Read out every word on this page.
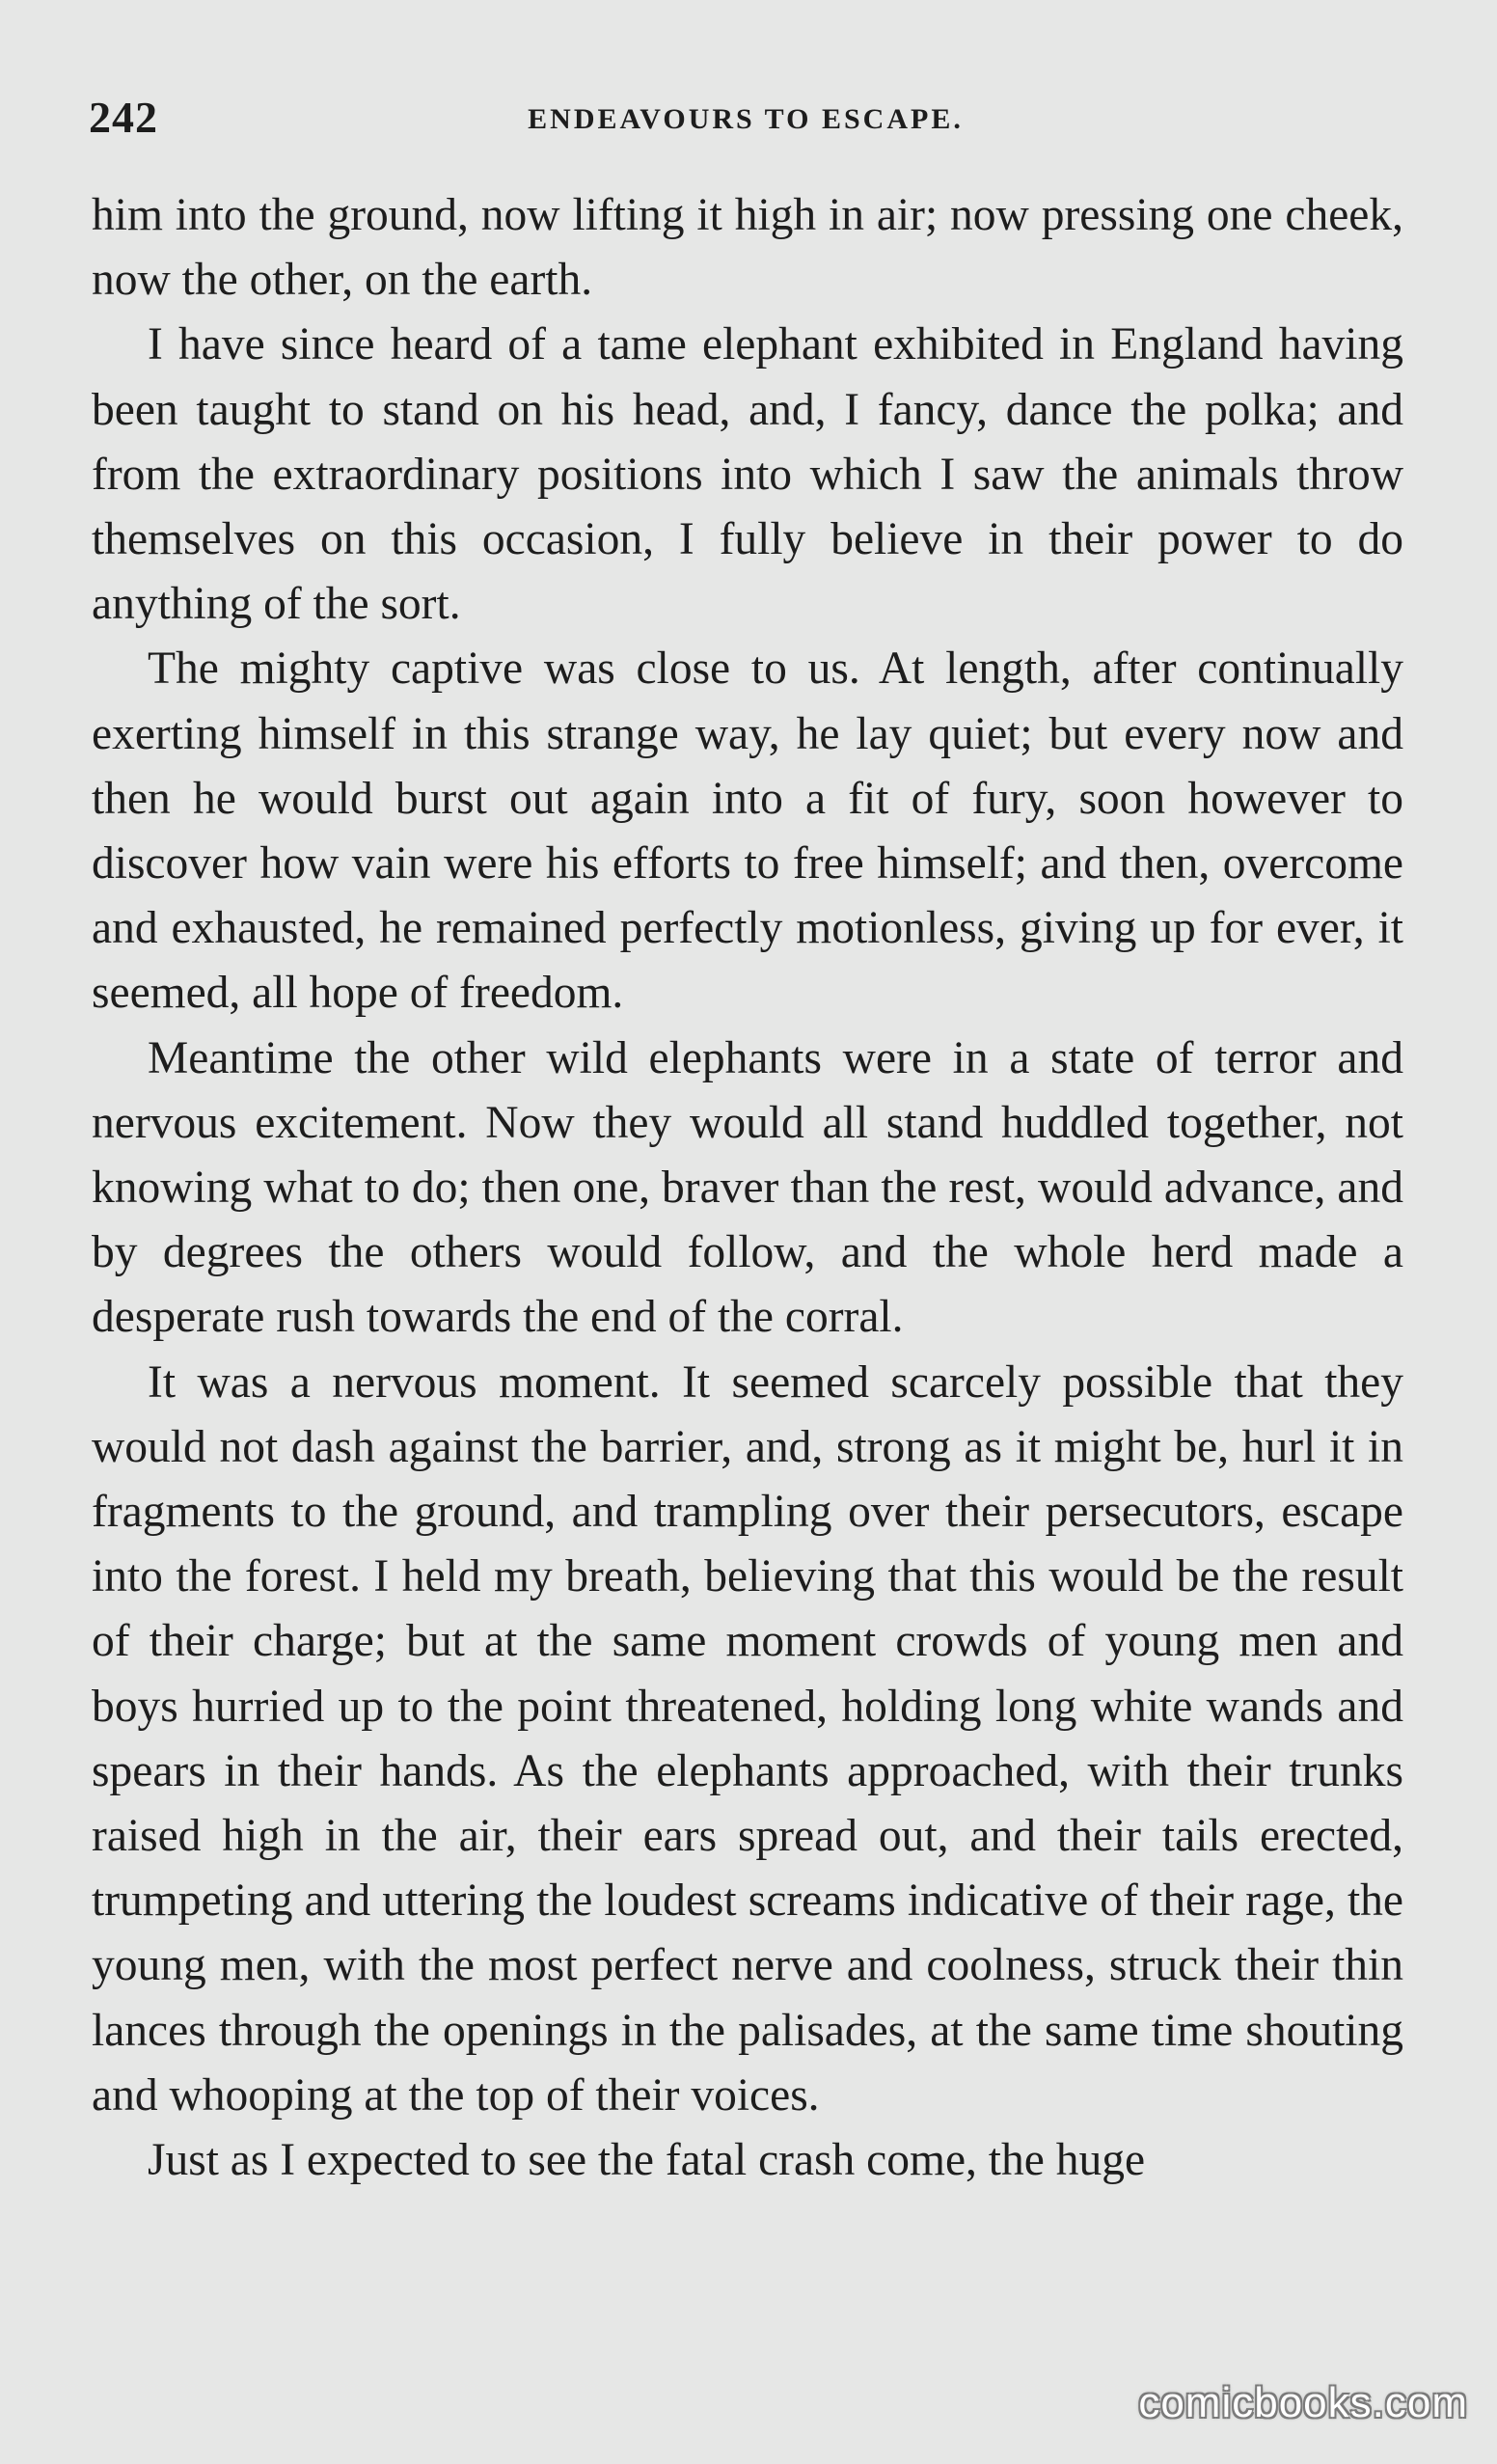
242	ENDEAVOURS TO ESCAPE.

him into the ground, now lifting it high in air; now pressing one cheek, now the other, on the earth.

I have since heard of a tame elephant exhibited in England having been taught to stand on his head, and, I fancy, dance the polka; and from the extraordinary positions into which I saw the animals throw themselves on this occasion, I fully believe in their power to do anything of the sort.

The mighty captive was close to us. At length, after continually exerting himself in this strange way, he lay quiet; but every now and then he would burst out again into a fit of fury, soon however to discover how vain were his efforts to free himself; and then, overcome and exhausted, he remained perfectly motionless, giving up for ever, it seemed, all hope of freedom.

Meantime the other wild elephants were in a state of terror and nervous excitement. Now they would all stand huddled together, not knowing what to do; then one, braver than the rest, would advance, and by degrees the others would follow, and the whole herd made a desperate rush towards the end of the corral.

It was a nervous moment. It seemed scarcely possible that they would not dash against the barrier, and, strong as it might be, hurl it in fragments to the ground, and trampling over their persecutors, escape into the forest. I held my breath, believing that this would be the result of their charge; but at the same moment crowds of young men and boys hurried up to the point threatened, holding long white wands and spears in their hands. As the elephants approached, with their trunks raised high in the air, their ears spread out, and their tails erected, trumpeting and uttering the loudest screams indicative of their rage, the young men, with the most perfect nerve and coolness, struck their thin lances through the openings in the palisades, at the same time shouting and whooping at the top of their voices.

Just as I expected to see the fatal crash come, the huge

comicbooks.com
